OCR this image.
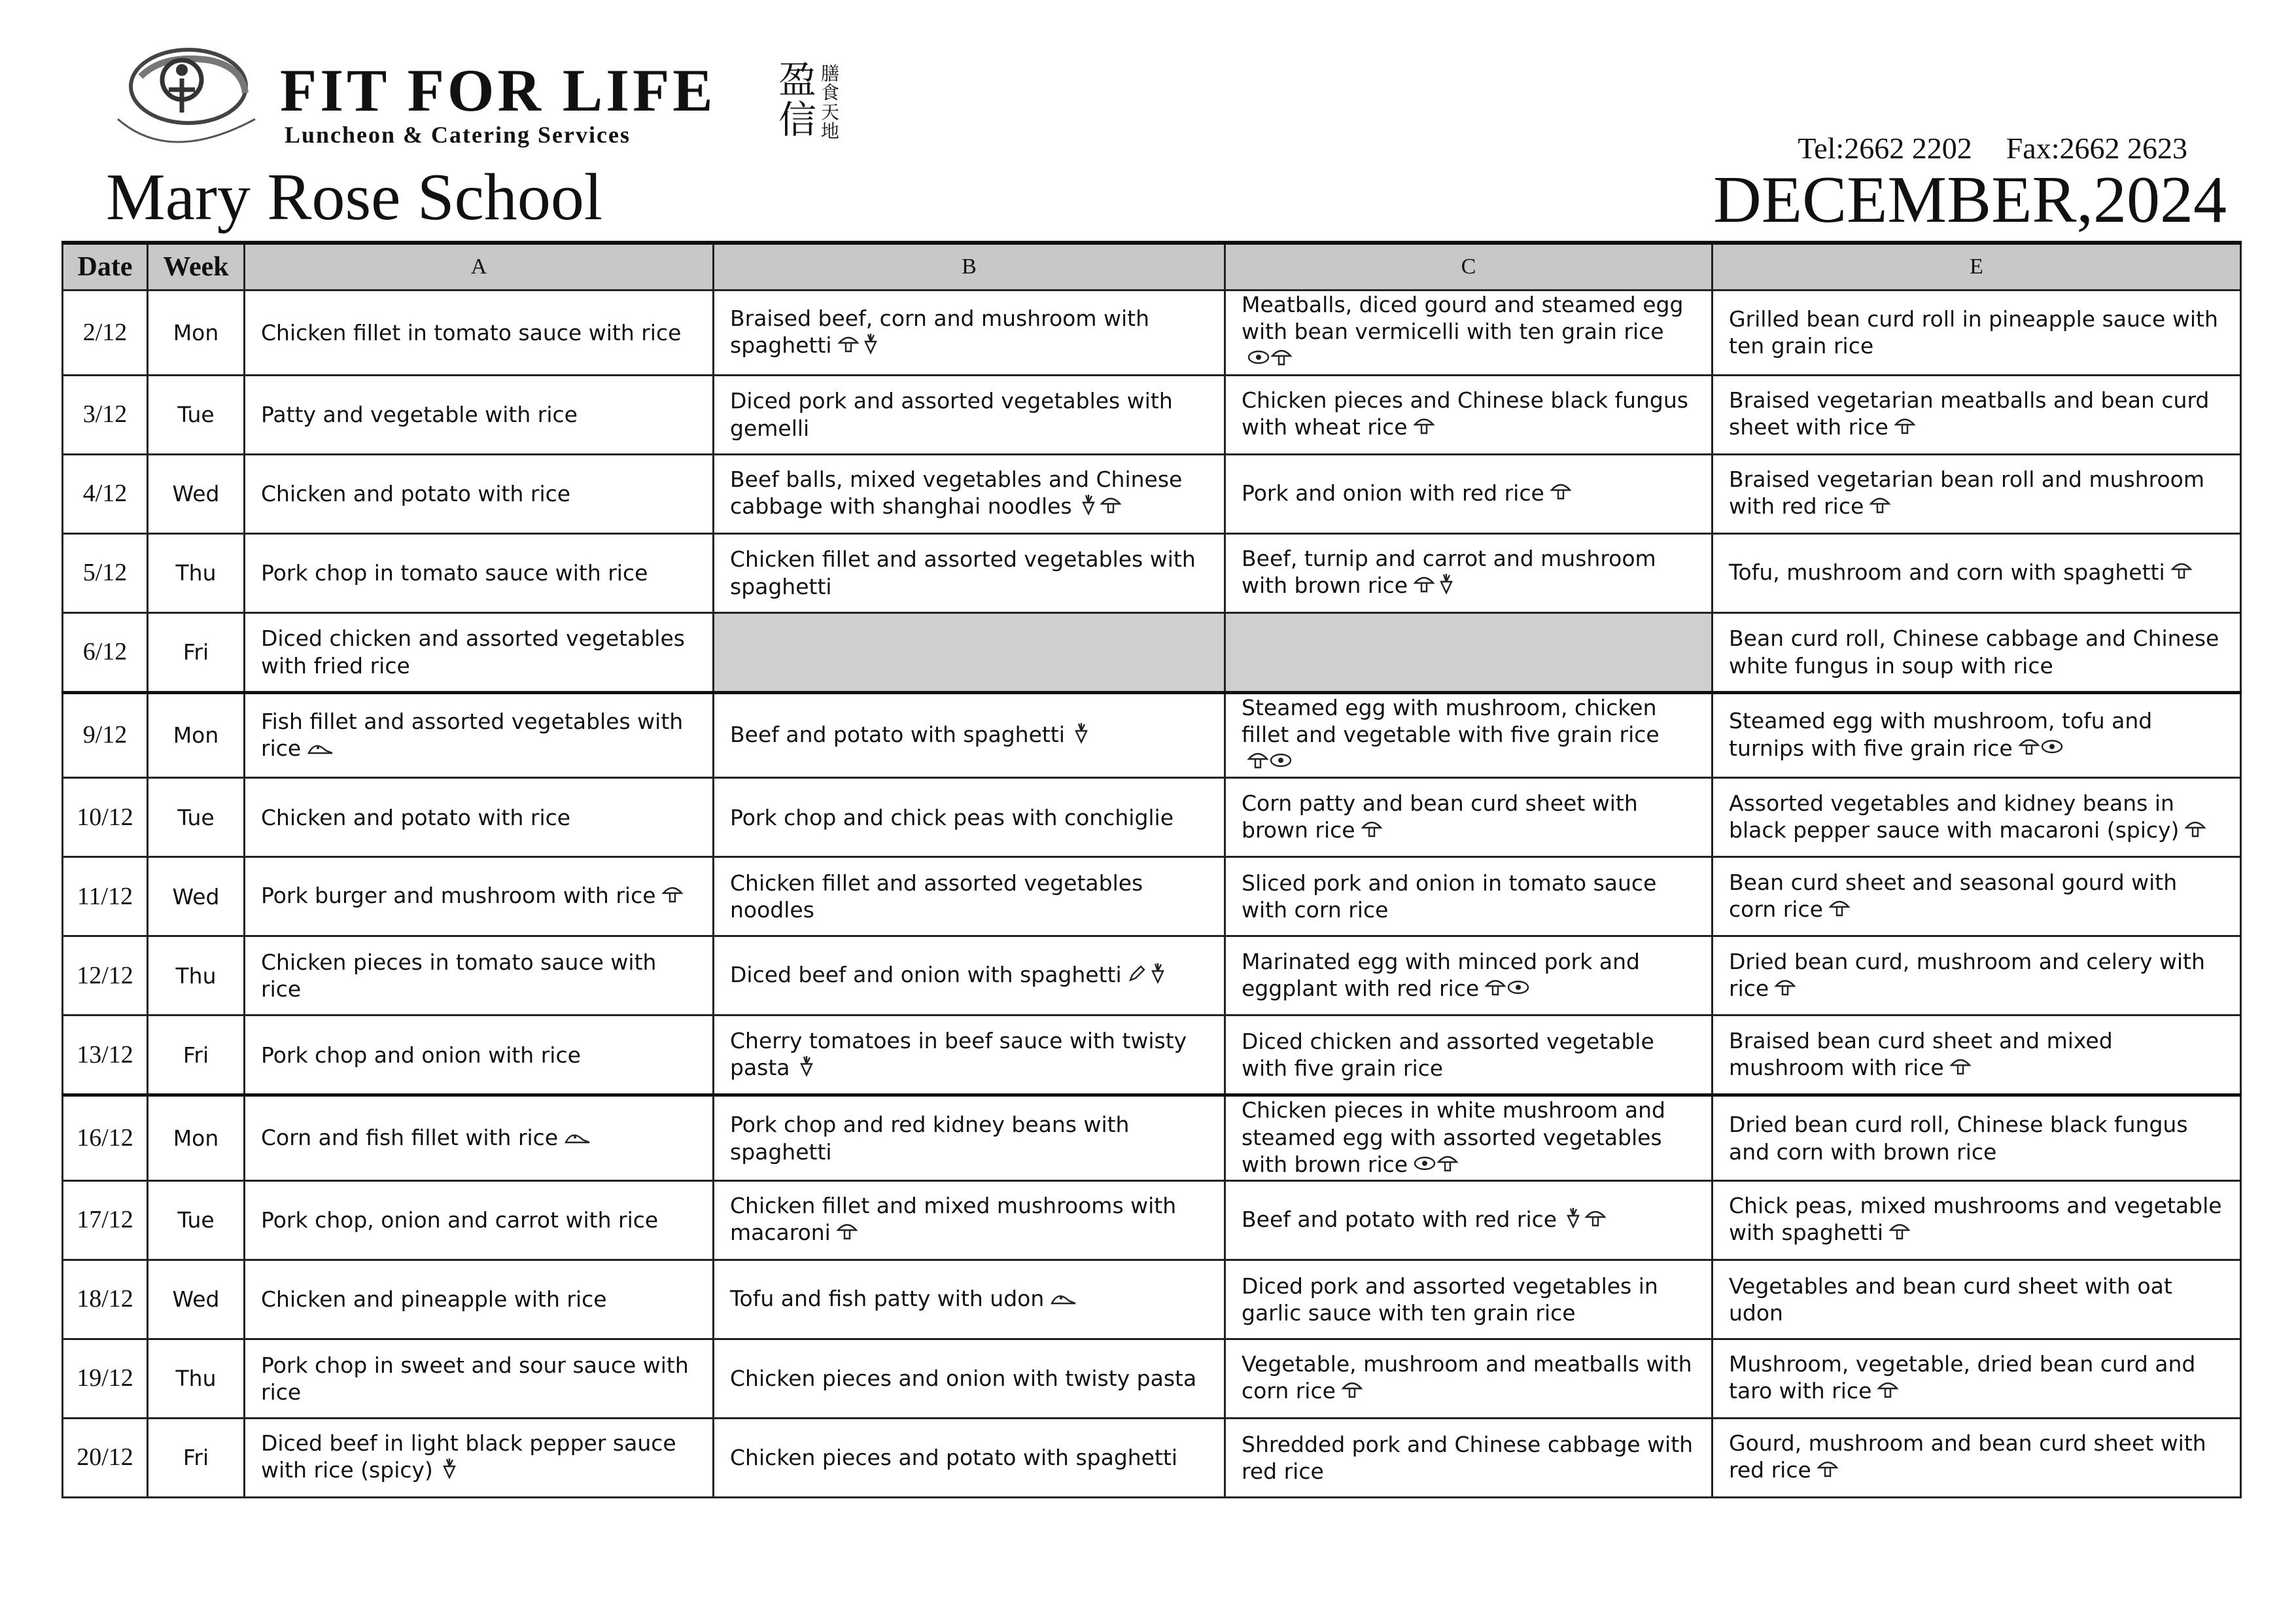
FIT FOR LIFE
Luncheon & Catering Services
盈信
膳食天地
Tel:2662 2202 Fax:2662 2623
Mary Rose School	DECEMBER,2024
Date	Week	A	B	C	E
2/12	Mon	Chicken fillet in tomato sauce with rice	Braised beef, corn and mushroom with spaghetti	Meatballs, diced gourd and steamed egg with bean vermicelli with ten grain rice	Grilled bean curd roll in pineapple sauce with ten grain rice
3/12	Tue	Patty and vegetable with rice	Diced pork and assorted vegetables with gemelli	Chicken pieces and Chinese black fungus with wheat rice	Braised vegetarian meatballs and bean curd sheet with rice
4/12	Wed	Chicken and potato with rice	Beef balls, mixed vegetables and Chinese cabbage with shanghai noodles	Pork and onion with red rice	Braised vegetarian bean roll and mushroom with red rice
5/12	Thu	Pork chop in tomato sauce with rice	Chicken fillet and assorted vegetables with spaghetti	Beef, turnip and carrot and mushroom with brown rice	Tofu, mushroom and corn with spaghetti
6/12	Fri	Diced chicken and assorted vegetables with fried rice			Bean curd roll, Chinese cabbage and Chinese white fungus in soup with rice
9/12	Mon	Fish fillet and assorted vegetables with rice	Beef and potato with spaghetti	Steamed egg with mushroom, chicken fillet and vegetable with five grain rice	Steamed egg with mushroom, tofu and turnips with five grain rice
10/12	Tue	Chicken and potato with rice	Pork chop and chick peas with conchiglie	Corn patty and bean curd sheet with brown rice	Assorted vegetables and kidney beans in black pepper sauce with macaroni (spicy)
11/12	Wed	Pork burger and mushroom with rice	Chicken fillet and assorted vegetables noodles	Sliced pork and onion in tomato sauce with corn rice	Bean curd sheet and seasonal gourd with corn rice
12/12	Thu	Chicken pieces in tomato sauce with rice	Diced beef and onion with spaghetti	Marinated egg with minced pork and eggplant with red rice	Dried bean curd, mushroom and celery with rice
13/12	Fri	Pork chop and onion with rice	Cherry tomatoes in beef sauce with twisty pasta	Diced chicken and assorted vegetable with five grain rice	Braised bean curd sheet and mixed mushroom with rice
16/12	Mon	Corn and fish fillet with rice	Pork chop and red kidney beans with spaghetti	Chicken pieces in white mushroom and steamed egg with assorted vegetables with brown rice	Dried bean curd roll, Chinese black fungus and corn with brown rice
17/12	Tue	Pork chop, onion and carrot with rice	Chicken fillet and mixed mushrooms with macaroni	Beef and potato with red rice	Chick peas, mixed mushrooms and vegetable with spaghetti
18/12	Wed	Chicken and pineapple with rice	Tofu and fish patty with udon	Diced pork and assorted vegetables in garlic sauce with ten grain rice	Vegetables and bean curd sheet with oat udon
19/12	Thu	Pork chop in sweet and sour sauce with rice	Chicken pieces and onion with twisty pasta	Vegetable, mushroom and meatballs with corn rice	Mushroom, vegetable, dried bean curd and taro with rice
20/12	Fri	Diced beef in light black pepper sauce with rice (spicy)	Chicken pieces and potato with spaghetti	Shredded pork and Chinese cabbage with red rice	Gourd, mushroom and bean curd sheet with red rice
